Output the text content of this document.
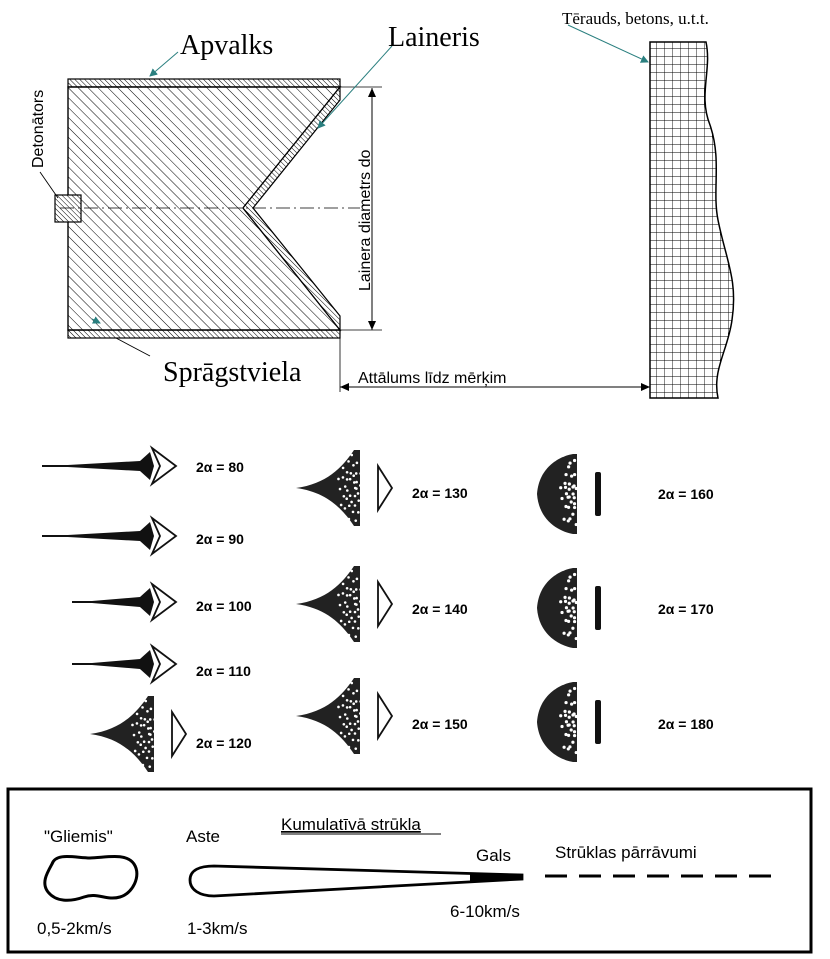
Apvalks	Laineris
Tērauds, betons, u.t.t.
Detonātors
Lainera diametrs do
Sprāgstviela	Attālums līdz mērķim
2α = 80
2α = 90
2α = 100
2α = 110
2α = 120
2α = 130
2α = 140
2α = 150
2α = 160
2α = 170
2α = 180
"Gliemis"	Aste
Kumulatīvā strūkla
Gals	Strūklas pārrāvumi
0,5-2km/s	1-3km/s
6-10km/s
